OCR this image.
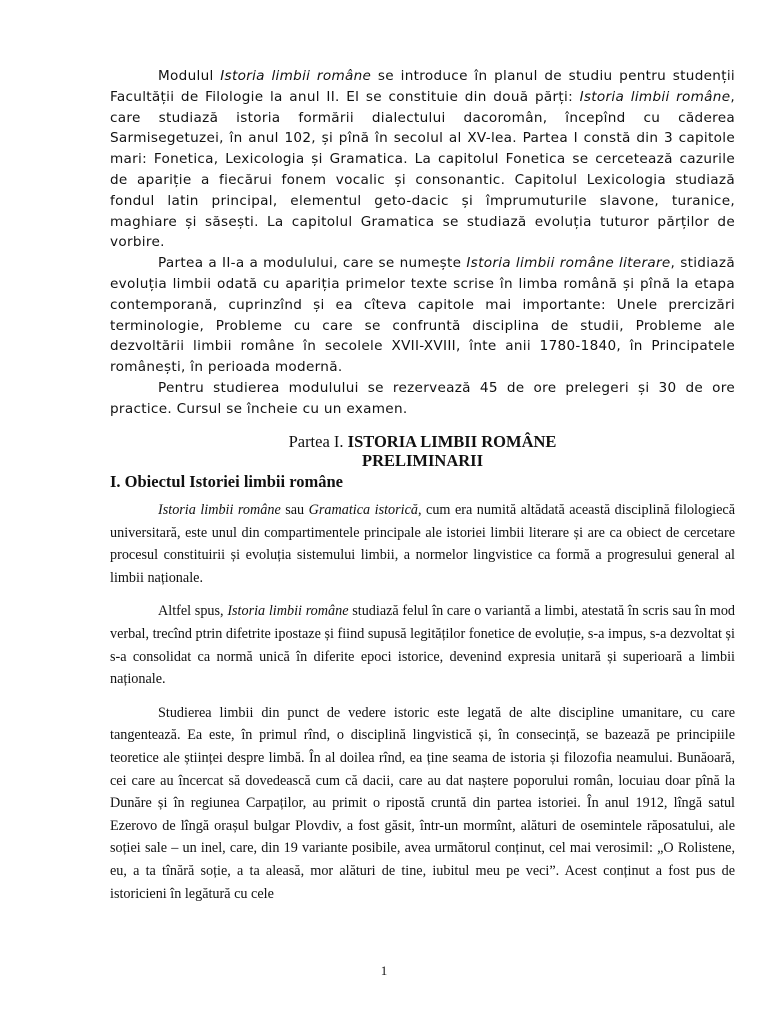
Modulul Istoria limbii române se introduce în planul de studiu pentru studenții Facultății de Filologie la anul II. El se constituie din două părți: Istoria limbii române, care studiază istoria formării dialectului dacoromân, începînd cu căderea Sarmisegetuzei, în anul 102, și pînă în secolul al XV-lea. Partea I constă din 3 capitole mari: Fonetica, Lexicologia și Gramatica. La capitolul Fonetica se cercetează cazurile de apariție a fiecărui fonem vocalic și consonantic. Capitolul Lexicologia studiază fondul latin principal, elementul geto-dacic și împrumuturile slavone, turanice, maghiare și săsești. La capitolul Gramatica se studiază evoluția tuturor părților de vorbire.

Partea a II-a a modulului, care se numește Istoria limbii române literare, stidiază evoluția limbii odată cu apariția primelor texte scrise în limba română și pînă la etapa contemporană, cuprinzînd și ea cîteva capitole mai importante: Unele prercizări terminologie, Probleme cu care se confruntă disciplina de studii, Probleme ale dezvoltării limbii române în secolele XVII-XVIII, înte anii 1780-1840, în Principatele românești, în perioada modernă.

Pentru studierea modulului se rezervează 45 de ore prelegeri și 30 de ore practice. Cursul se încheie cu un examen.

Partea I. ISTORIA LIMBII ROMÂNE
PRELIMINARII
I. Obiectul Istoriei limbii române

Istoria limbii române sau Gramatica istorică, cum era numită altădată această disciplină filologiecă universitară, este unul din compartimentele principale ale istoriei limbii literare și are ca obiect de cercetare procesul constituirii și evoluția sistemului limbii, a normelor lingvistice ca formă a progresului general al limbii naționale.

Altfel spus, Istoria limbii române studiază felul în care o variantă a limbi, atestată în scris sau în mod verbal, trecînd ptrin difetrite ipostaze și fiind supusă legităților fonetice de evoluție, s-a impus, s-a dezvoltat și s-a consolidat ca normă unică în diferite epoci istorice, devenind expresia unitară și superioară a limbii naționale.

Studierea limbii din punct de vedere istoric este legată de alte discipline umanitare, cu care tangentează. Ea este, în primul rînd, o disciplină lingvistică și, în consecință, se bazează pe principiile teoretice ale științei despre limbă. În al doilea rînd, ea ține seama de istoria și filozofia neamului. Bunăoară, cei care au încercat să dovedească cum că dacii, care au dat naștere poporului român, locuiau doar pînă la Dunăre și în regiunea Carpaților, au primit o ripostă cruntă din partea istoriei. În anul 1912, lîngă satul Ezerovo de lîngă orașul bulgar Plovdiv, a fost găsit, într-un mormînt, alături de osemintele răposatului, ale soției sale – un inel, care, din 19 variante posibile, avea următorul conținut, cel mai verosimil: „O Rolistene, eu, a ta tînără soție, a ta aleasă, mor alături de tine, iubitul meu pe veci”. Acest conținut a fost pus de istoricieni în legătură cu cele

1
